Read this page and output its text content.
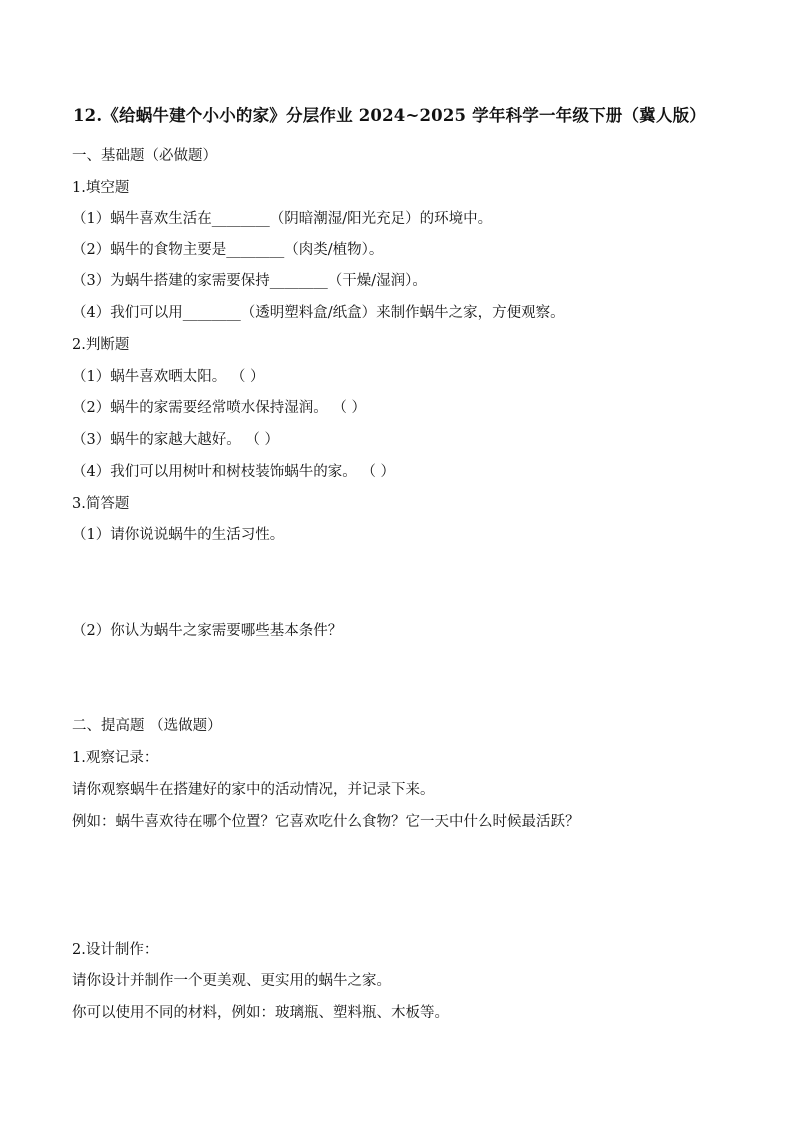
12.《给蜗牛建个小小的家》分层作业 2024~2025 学年科学一年级下册（冀人版）
一、基础题（必做题）
1.填空题
（1）蜗牛喜欢生活在________（阴暗潮湿/阳光充足）的环境中。
（2）蜗牛的食物主要是________（肉类/植物）。
（3）为蜗牛搭建的家需要保持________（干燥/湿润）。
（4）我们可以用________（透明塑料盒/纸盒）来制作蜗牛之家，方便观察。
2.判断题
（1）蜗牛喜欢晒太阳。 （ ）
（2）蜗牛的家需要经常喷水保持湿润。 （ ）
（3）蜗牛的家越大越好。 （ ）
（4）我们可以用树叶和树枝装饰蜗牛的家。 （ ）
3.简答题
（1）请你说说蜗牛的生活习性。
（2）你认为蜗牛之家需要哪些基本条件？
二、提高题 （选做题）
1.观察记录：
请你观察蜗牛在搭建好的家中的活动情况，并记录下来。
例如：蜗牛喜欢待在哪个位置？它喜欢吃什么食物？它一天中什么时候最活跃？
2.设计制作：
请你设计并制作一个更美观、更实用的蜗牛之家。
你可以使用不同的材料，例如：玻璃瓶、塑料瓶、木板等。
